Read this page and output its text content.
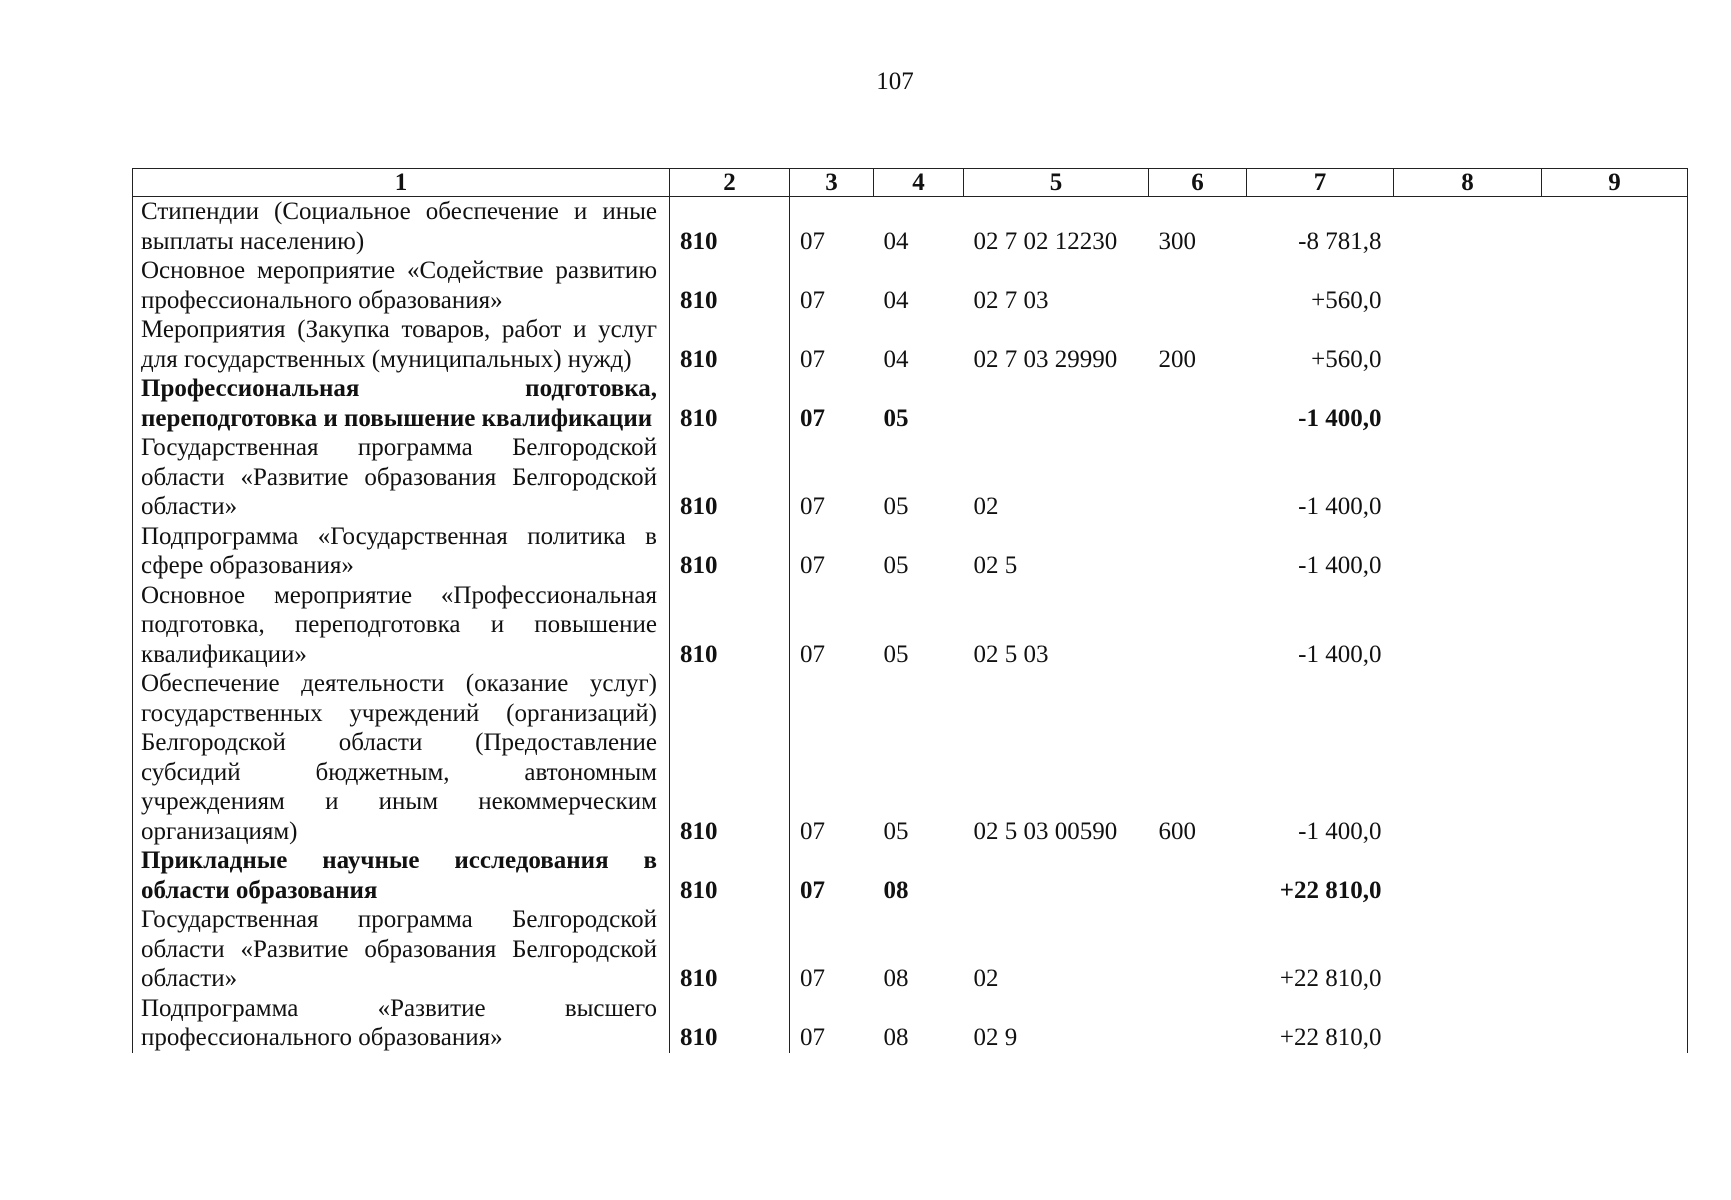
107
1	2	3	4	5	6	7	8	9
Стипендии (Социальное обеспечение и иные выплаты населению)	810	07	04	02 7 02 12230	300	-8 781,8		
Основное мероприятие «Содействие развитию профессионального образования»	810	07	04	02 7 03		+560,0		
Мероприятия (Закупка товаров, работ и услуг для государственных (муниципальных) нужд)	810	07	04	02 7 03 29990	200	+560,0		
Профессиональная подготовка, переподготовка и повышение квалификации	810	07	05			-1 400,0		
Государственная программа Белгородской области «Развитие образования Белгородской области»	810	07	05	02		-1 400,0		
Подпрограмма «Государственная политика в сфере образования»	810	07	05	02 5		-1 400,0		
Основное мероприятие «Профессиональная подготовка, переподготовка и повышение квалификации»	810	07	05	02 5 03		-1 400,0		
Обеспечение деятельности (оказание услуг) государственных учреждений (организаций) Белгородской области (Предоставление субсидий бюджетным, автономным учреждениям и иным некоммерческим организациям)	810	07	05	02 5 03 00590	600	-1 400,0		
Прикладные научные исследования в области образования	810	07	08			+22 810,0		
Государственная программа Белгородской области «Развитие образования Белгородской области»	810	07	08	02		+22 810,0		
Подпрограмма «Развитие высшего профессионального образования»	810	07	08	02 9		+22 810,0		
